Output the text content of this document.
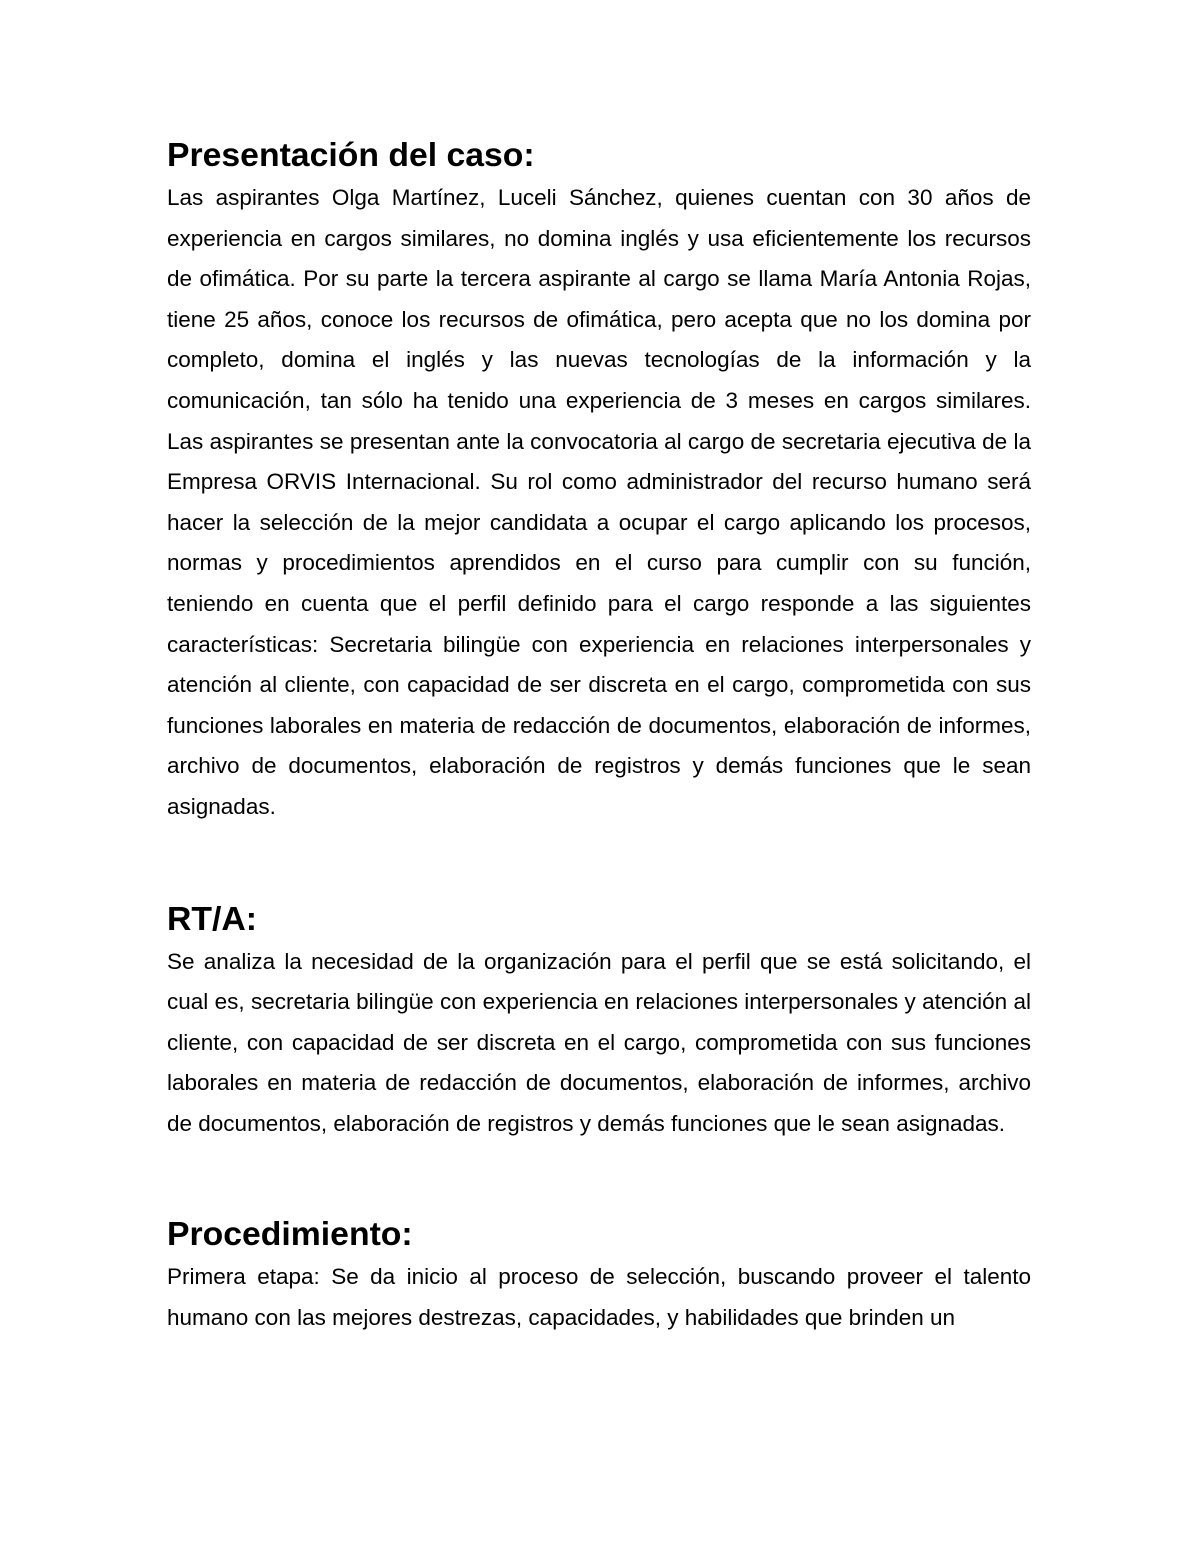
Presentación del caso:

Las aspirantes Olga Martínez, Luceli Sánchez, quienes cuentan con 30 años de experiencia en cargos similares, no domina inglés y usa eficientemente los recursos de ofimática. Por su parte la tercera aspirante al cargo se llama María Antonia Rojas, tiene 25 años, conoce los recursos de ofimática, pero acepta que no los domina por completo, domina el inglés y las nuevas tecnologías de la información y la comunicación, tan sólo ha tenido una experiencia de 3 meses en cargos similares. Las aspirantes se presentan ante la convocatoria al cargo de secretaria ejecutiva de la Empresa ORVIS Internacional. Su rol como administrador del recurso humano será hacer la selección de la mejor candidata a ocupar el cargo aplicando los procesos, normas y procedimientos aprendidos en el curso para cumplir con su función, teniendo en cuenta que el perfil definido para el cargo responde a las siguientes características: Secretaria bilingüe con experiencia en relaciones interpersonales y atención al cliente, con capacidad de ser discreta en el cargo, comprometida con sus funciones laborales en materia de redacción de documentos, elaboración de informes, archivo de documentos, elaboración de registros y demás funciones que le sean asignadas.

RT/A:

Se analiza la necesidad de la organización para el perfil que se está solicitando, el cual es, secretaria bilingüe con experiencia en relaciones interpersonales y atención al cliente, con capacidad de ser discreta en el cargo, comprometida con sus funciones laborales en materia de redacción de documentos, elaboración de informes, archivo de documentos, elaboración de registros y demás funciones que le sean asignadas.

Procedimiento:

Primera etapa: Se da inicio al proceso de selección, buscando proveer el talento humano con las mejores destrezas, capacidades, y habilidades que brinden un
